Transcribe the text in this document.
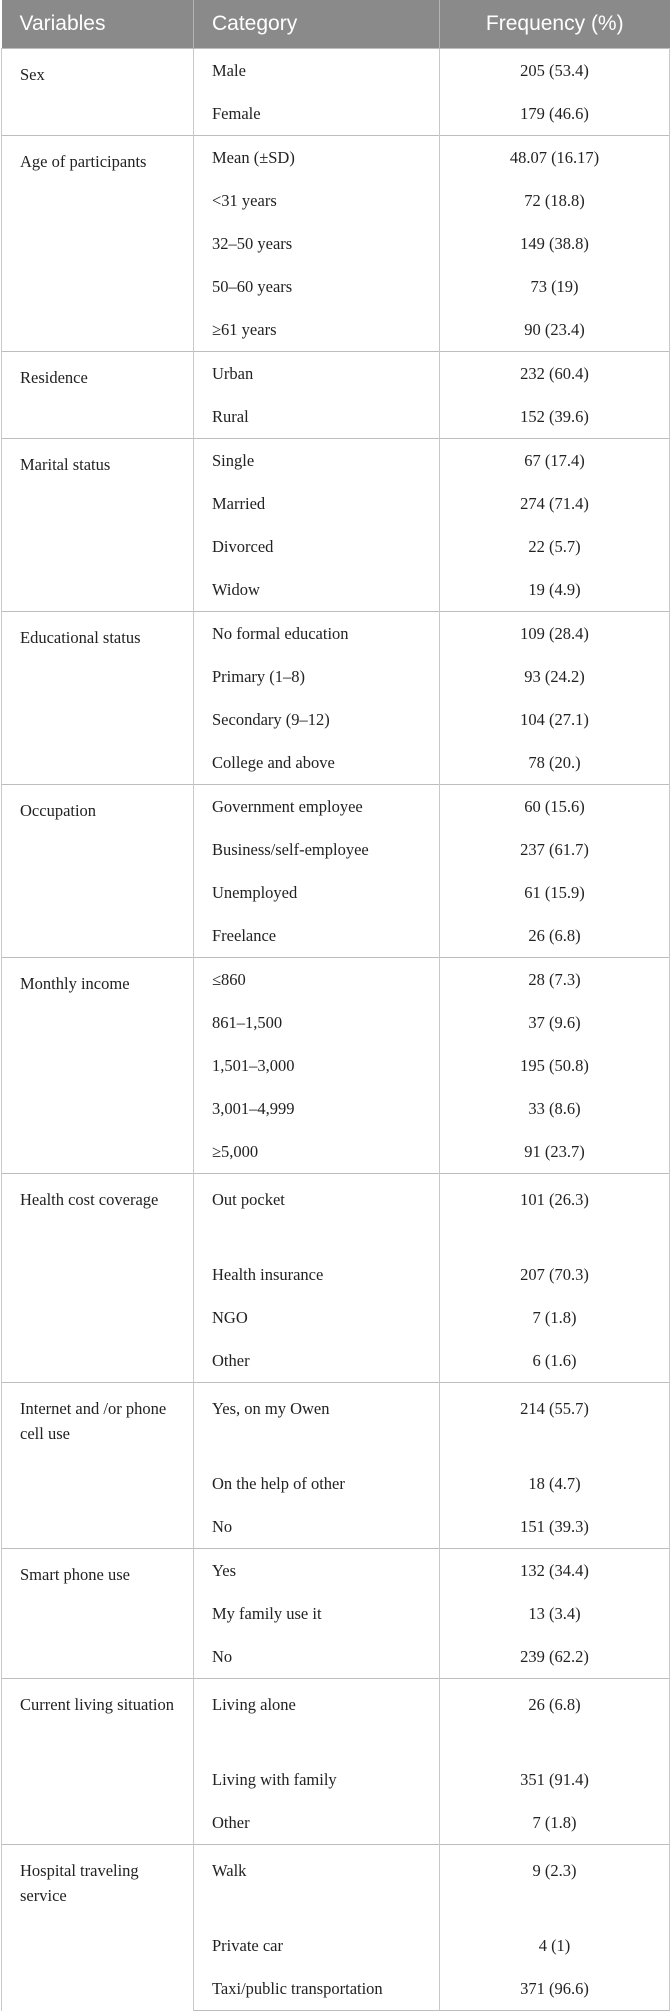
Variables	Category	Frequency (%)
Sex	Male	205 (53.4)
	Female	179 (46.6)
Age of participants	Mean (±SD)	48.07 (16.17)
	<31 years	72 (18.8)
	32–50 years	149 (38.8)
	50–60 years	73 (19)
	≥61 years	90 (23.4)
Residence	Urban	232 (60.4)
	Rural	152 (39.6)
Marital status	Single	67 (17.4)
	Married	274 (71.4)
	Divorced	22 (5.7)
	Widow	19 (4.9)
Educational status	No formal education	109 (28.4)
	Primary (1–8)	93 (24.2)
	Secondary (9–12)	104 (27.1)
	College and above	78 (20.)
Occupation	Government employee	60 (15.6)
	Business/self-employee	237 (61.7)
	Unemployed	61 (15.9)
	Freelance	26 (6.8)
Monthly income	≤860	28 (7.3)
	861–1,500	37 (9.6)
	1,501–3,000	195 (50.8)
	3,001–4,999	33 (8.6)
	≥5,000	91 (23.7)
Health cost coverage	Out pocket	101 (26.3)
	Health insurance	207 (70.3)
	NGO	7 (1.8)
	Other	6 (1.6)
Internet and /or phone cell use	Yes, on my Owen	214 (55.7)
	On the help of other	18 (4.7)
	No	151 (39.3)
Smart phone use	Yes	132 (34.4)
	My family use it	13 (3.4)
	No	239 (62.2)
Current living situation	Living alone	26 (6.8)
	Living with family	351 (91.4)
	Other	7 (1.8)
Hospital traveling service	Walk	9 (2.3)
	Private car	4 (1)
	Taxi/public transportation	371 (96.6)
